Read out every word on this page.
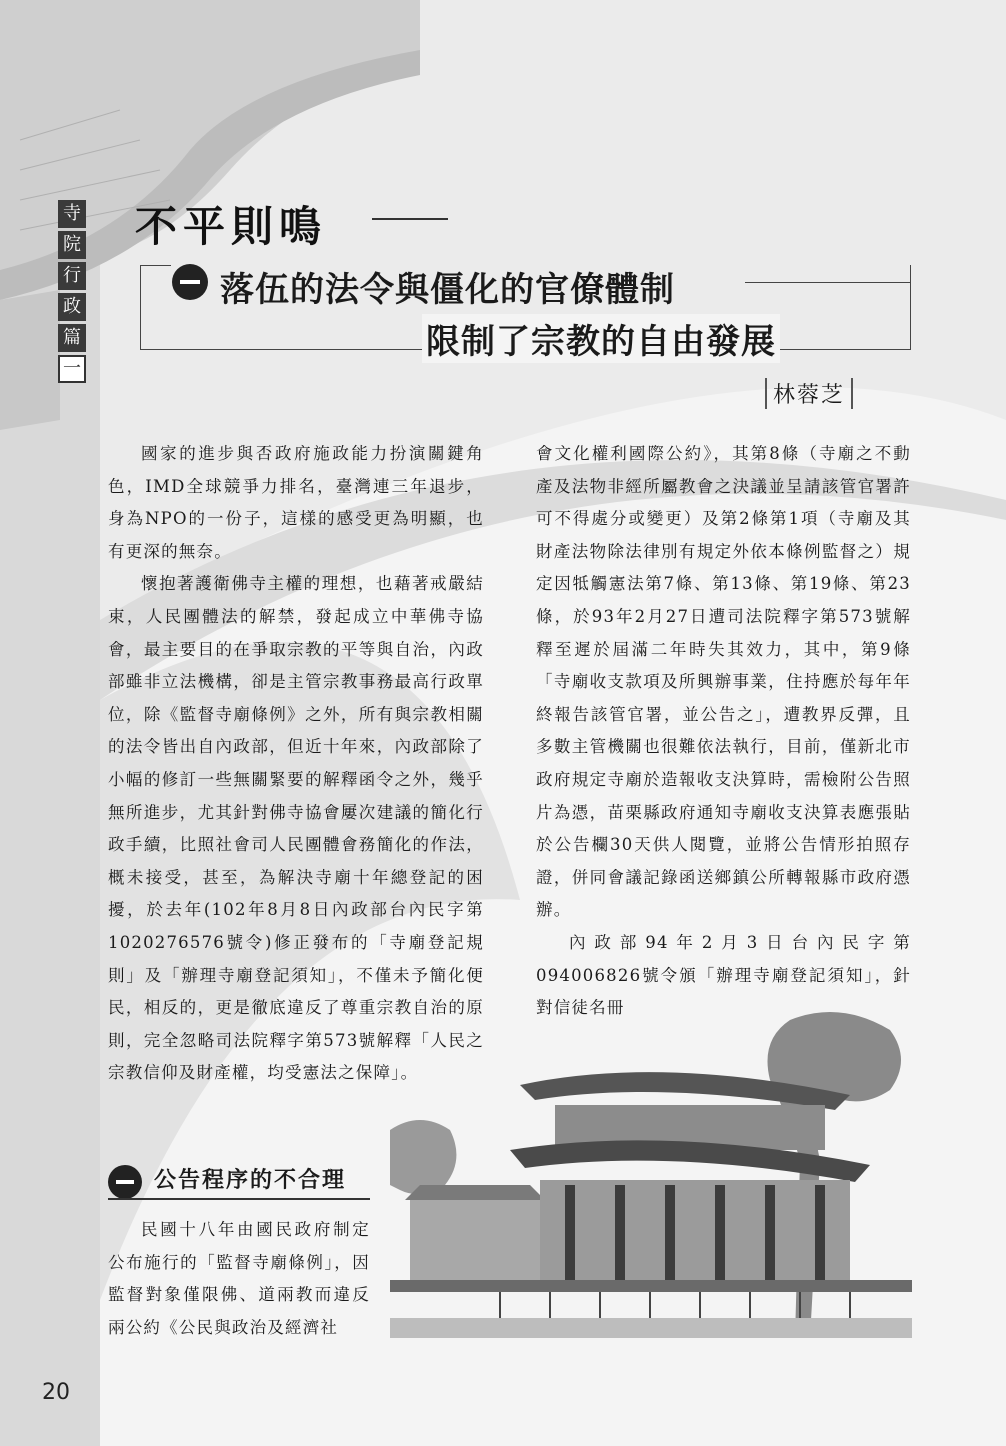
寺
院
行
政
篇
一
不平則鳴
落伍的法令與僵化的官僚體制
限制了宗教的自由發展
林蓉芝

國家的進步與否政府施政能力扮演關鍵角色，IMD全球競爭力排名，臺灣連三年退步，身為NPO的一份子，這樣的感受更為明顯，也有更深的無奈。

懷抱著護衛佛寺主權的理想，也藉著戒嚴結束，人民團體法的解禁，發起成立中華佛寺協會，最主要目的在爭取宗教的平等與自治，內政部雖非立法機構，卻是主管宗教事務最高行政單位，除《監督寺廟條例》之外，所有與宗教相關的法令皆出自內政部，但近十年來，內政部除了小幅的修訂一些無關緊要的解釋函令之外，幾乎無所進步，尤其針對佛寺協會屢次建議的簡化行政手續，比照社會司人民團體會務簡化的作法，概未接受，甚至，為解決寺廟十年總登記的困擾，於去年(102年8月8日內政部台內民字第1020276576號令)修正發布的「寺廟登記規則」及「辦理寺廟登記須知」，不僅未予簡化便民，相反的，更是徹底違反了尊重宗教自治的原則，完全忽略司法院釋字第573號解釋「人民之宗教信仰及財產權，均受憲法之保障」。

會文化權利國際公約》，其第8條（寺廟之不動產及法物非經所屬教會之決議並呈請該管官署許可不得處分或變更）及第2條第1項（寺廟及其財產法物除法律別有規定外依本條例監督之）規定因牴觸憲法第7條、第13條、第19條、第23條，於93年2月27日遭司法院釋字第573號解釋至遲於屆滿二年時失其效力，其中，第9條「寺廟收支款項及所興辦事業，住持應於每年年終報告該管官署，並公告之」，遭教界反彈，且多數主管機關也很難依法執行，目前，僅新北市政府規定寺廟於造報收支決算時，需檢附公告照片為憑，苗栗縣政府通知寺廟收支決算表應張貼於公告欄30天供人閱覽，並將公告情形拍照存證，併同會議記錄函送鄉鎮公所轉報縣市政府憑辦。

內政部94年2月3日台內民字第094006826號令頒「辦理寺廟登記須知」，針對信徒名冊

公告程序的不合理

民國十八年由國民政府制定公布施行的「監督寺廟條例」，因監督對象僅限佛、道兩教而違反兩公約《公民與政治及經濟社

20
